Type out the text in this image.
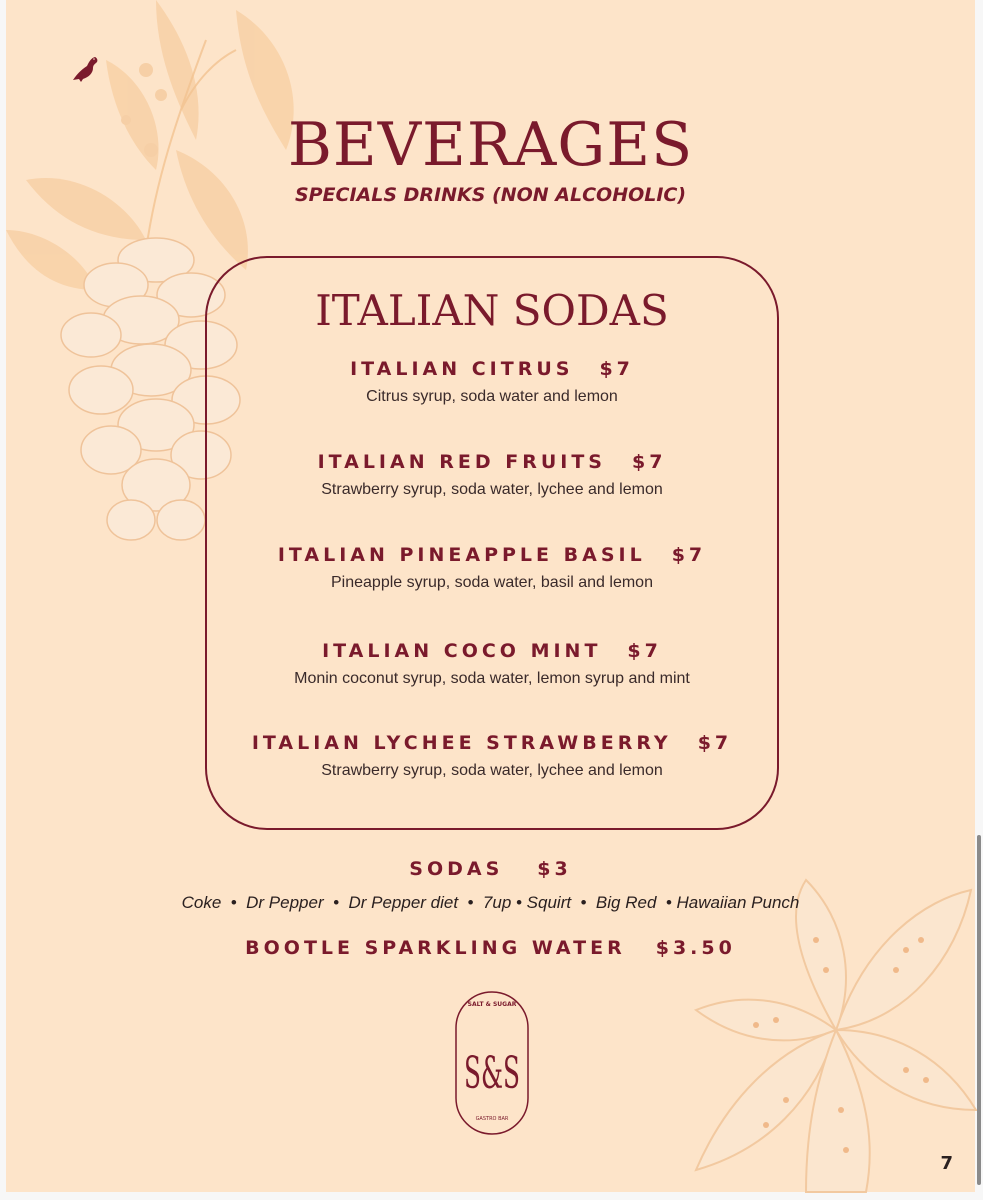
BEVERAGES
SPECIALS DRINKS (NON ALCOHOLIC)
ITALIAN SODAS
ITALIAN CITRUS $7
Citrus syrup, soda water and lemon
ITALIAN RED FRUITS $7
Strawberry syrup, soda water, lychee and lemon
ITALIAN PINEAPPLE BASIL $7
Pineapple syrup, soda water, basil and lemon
ITALIAN COCO MINT $7
Monin coconut syrup, soda water, lemon syrup and mint
ITALIAN LYCHEE STRAWBERRY $7
Strawberry syrup, soda water, lychee and lemon
SODAS $3
Coke  •  Dr Pepper  •  Dr Pepper diet  •  7up • Squirt  •  Big Red  • Hawaiian Punch
BOOTLE SPARKLING WATER $3.50
SALT & SUGAR
S&S
GASTRO BAR
7
